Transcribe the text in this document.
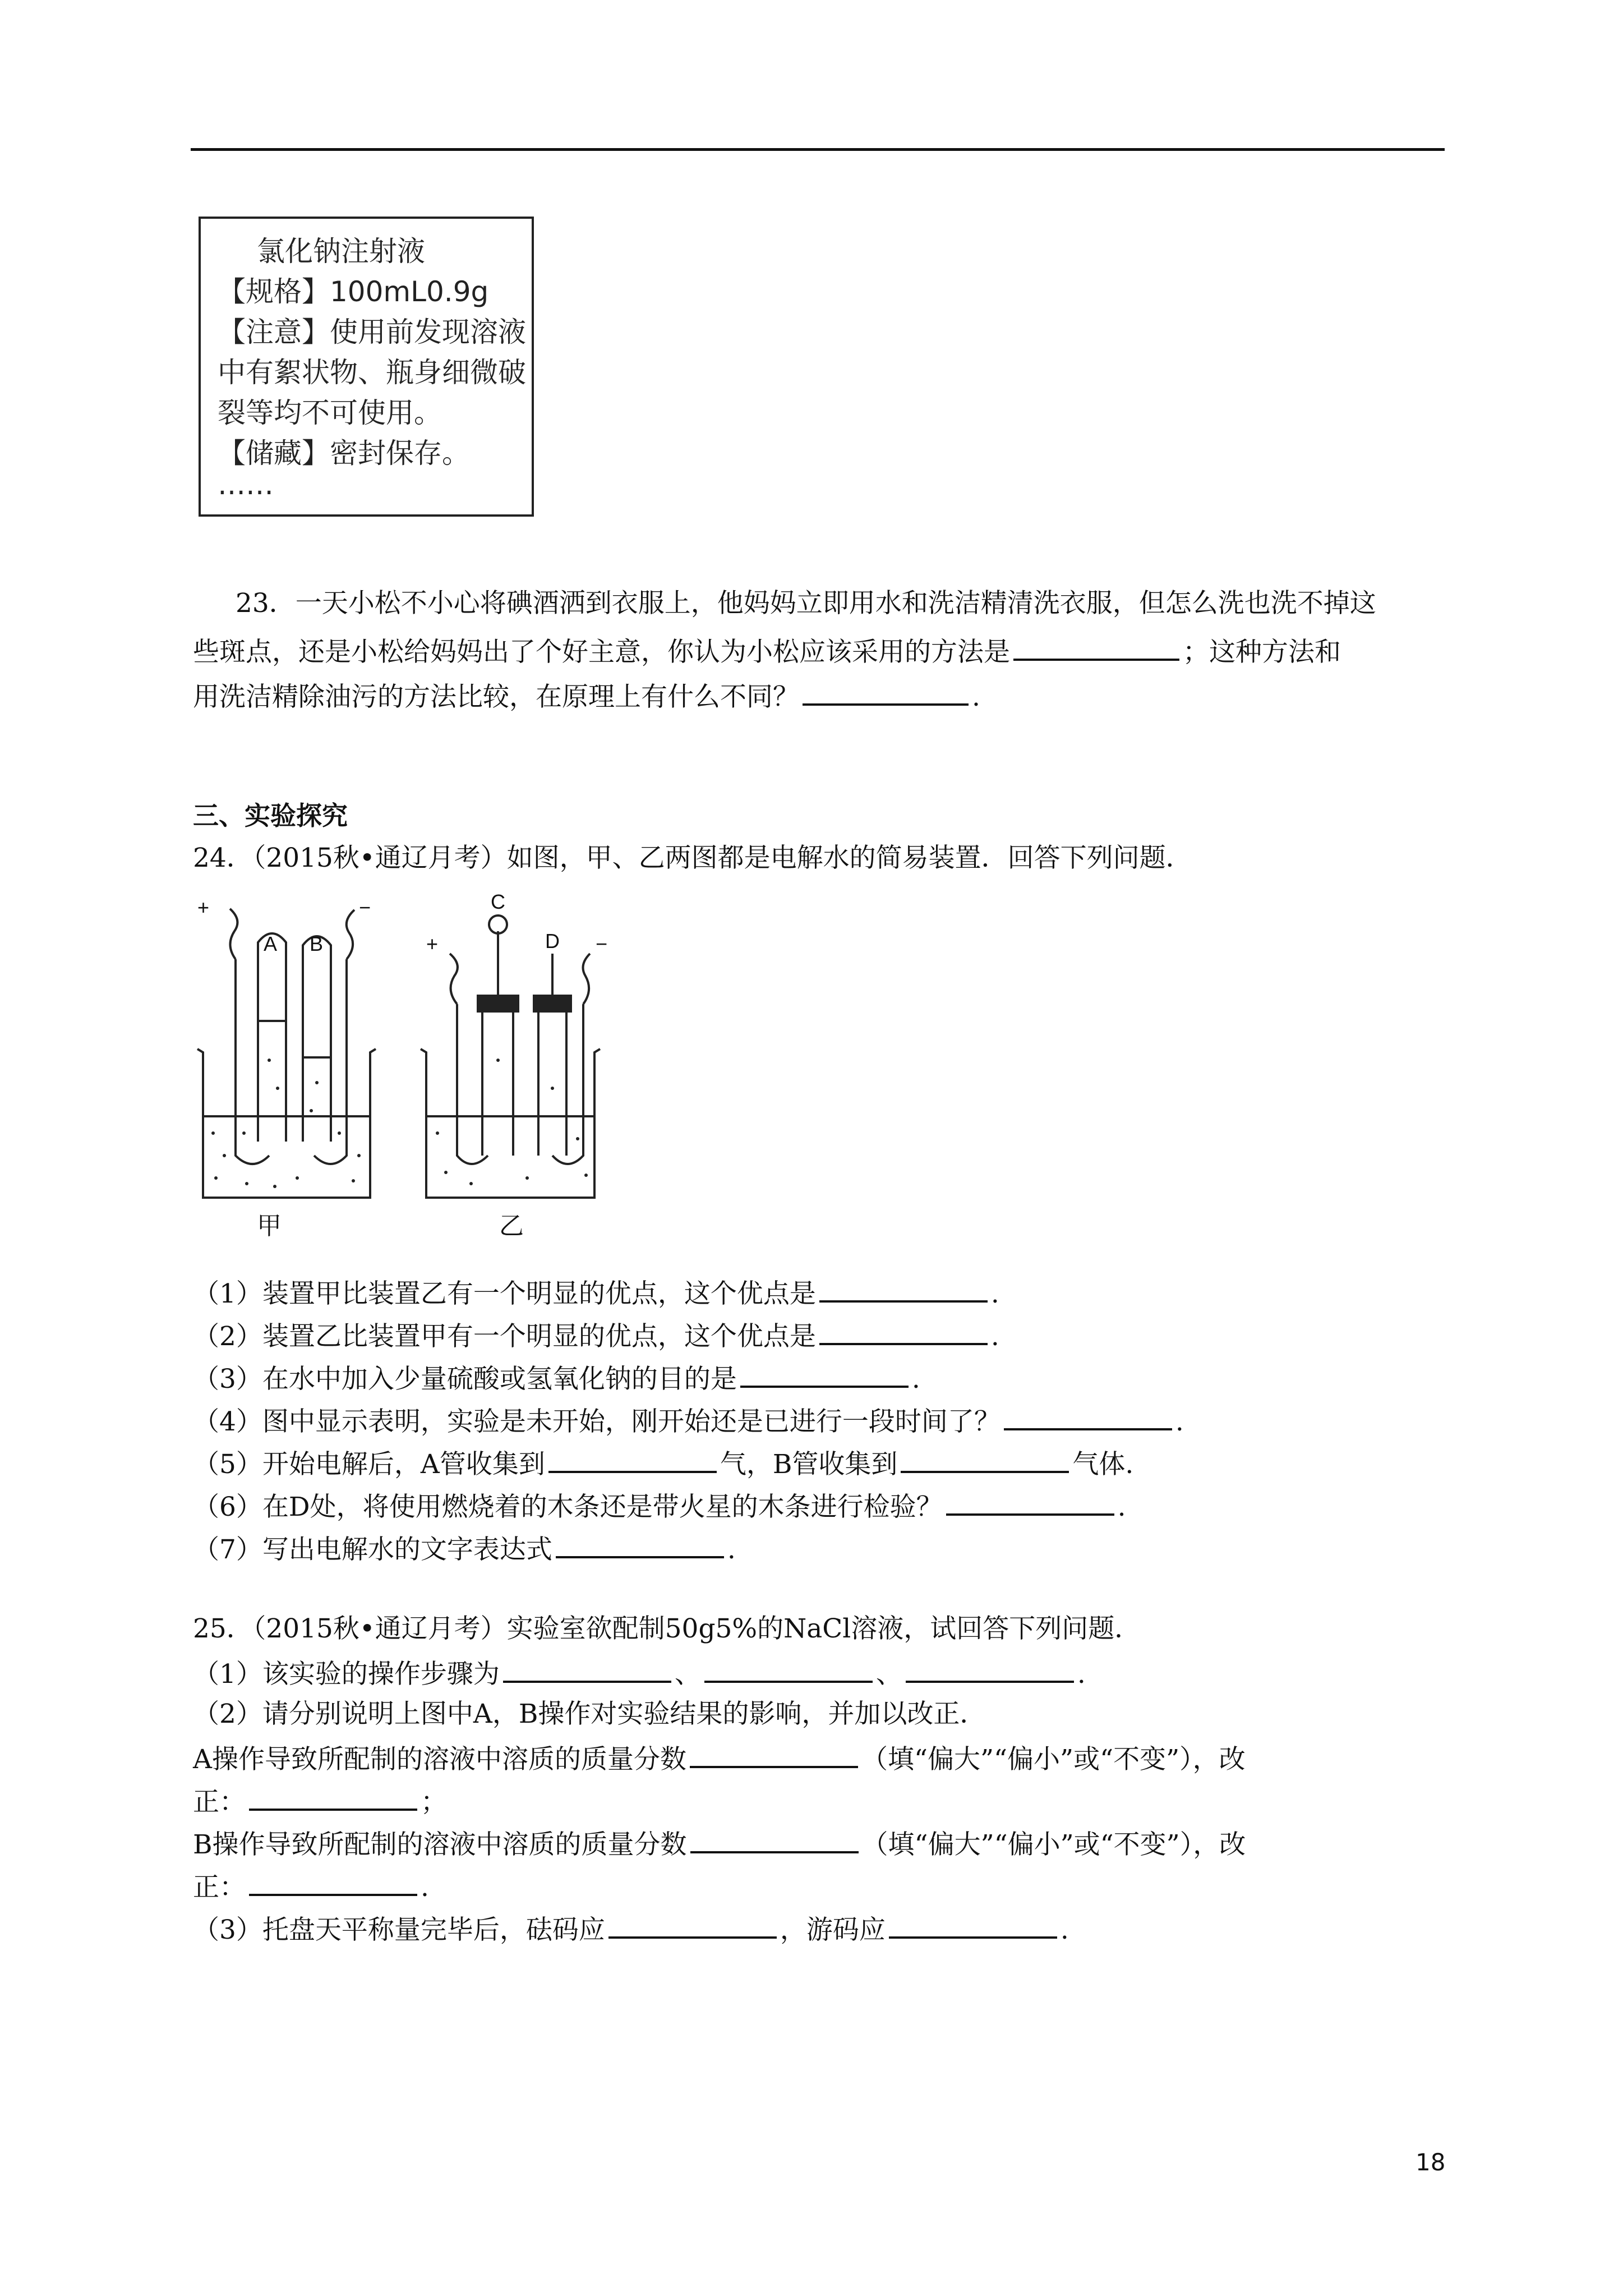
氯化钠注射液
【规格】100mL0.9g
【注意】使用前发现溶液
中有絮状物、瓶身细微破
裂等均不可使用。
【储藏】密封保存。
……
23．一天小松不小心将碘酒洒到衣服上，他妈妈立即用水和洗洁精清洗衣服，但怎么洗也洗不掉这
些斑点，还是小松给妈妈出了个好主意，你认为小松应该采用的方法是	；这种方法和
用洗洁精除油污的方法比较，在原理上有什么不同？	.
三、实验探究
24．（2015秋•通辽月考）如图，甲、乙两图都是电解水的简易装置．回答下列问题．
+	−
A B	+	−
C
D
甲	乙
（1）装置甲比装置乙有一个明显的优点，这个优点是	.
（2）装置乙比装置甲有一个明显的优点，这个优点是	.
（3）在水中加入少量硫酸或氢氧化钠的目的是	.
（4）图中显示表明，实验是未开始，刚开始还是已进行一段时间了？	.
（5）开始电解后，A管收集到	气，B管收集到	气体.
（6）在D处，将使用燃烧着的木条还是带火星的木条进行检验？	.
（7）写出电解水的文字表达式	.
25．（2015秋•通辽月考）实验室欲配制50g5%的NaCl溶液，试回答下列问题．
（1）该实验的操作步骤为	、	、	.
（2）请分别说明上图中A，B操作对实验结果的影响，并加以改正．
A操作导致所配制的溶液中溶质的质量分数	（填“偏大”“偏小”或“不变”），改
正：	；
B操作导致所配制的溶液中溶质的质量分数	（填“偏大”“偏小”或“不变”），改
正：	.
（3）托盘天平称量完毕后，砝码应	，游码应	.
18
